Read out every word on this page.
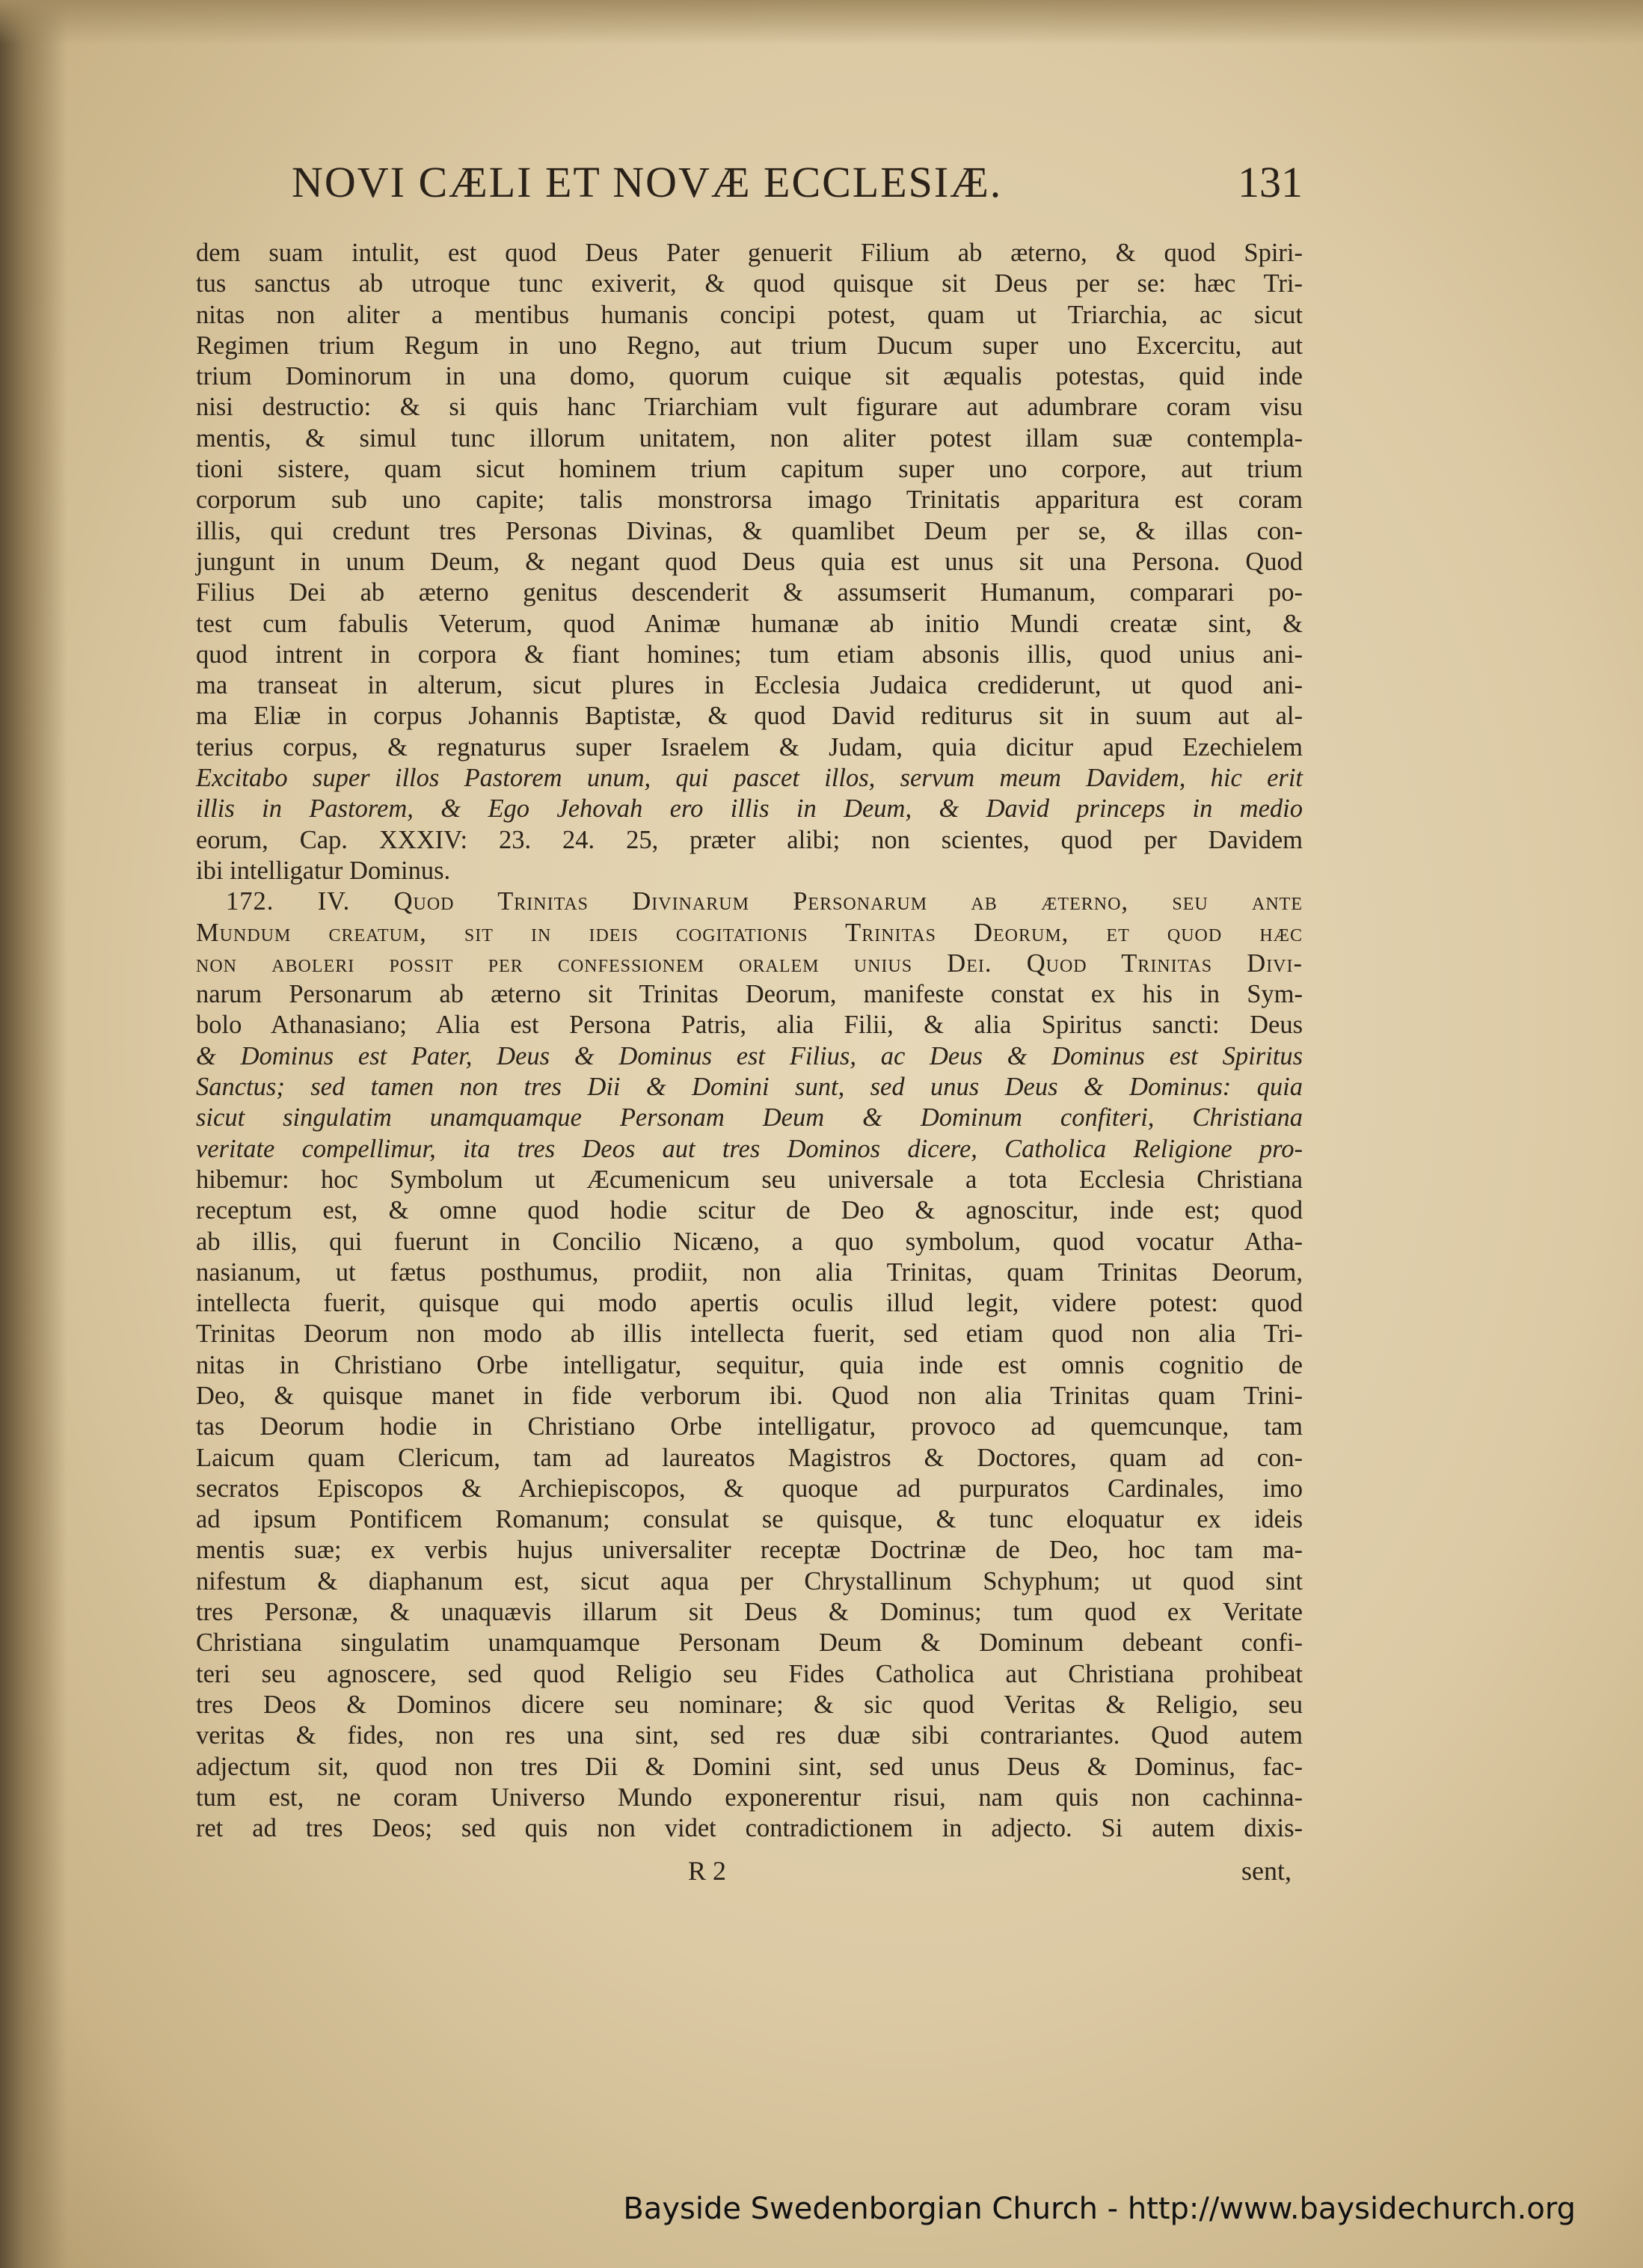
NOVI CÆLI ET NOVÆ ECCLESIÆ.	131
dem suam intulit, est quod Deus Pater genuerit Filium ab æterno, & quod Spiri-
tus sanctus ab utroque tunc exiverit, & quod quisque sit Deus per se: hæc Tri-
nitas non aliter a mentibus humanis concipi potest, quam ut Triarchia, ac sicut
Regimen trium Regum in uno Regno, aut trium Ducum super uno Excercitu, aut
trium Dominorum in una domo, quorum cuique sit æqualis potestas, quid inde
nisi destructio: & si quis hanc Triarchiam vult figurare aut adumbrare coram visu
mentis, & simul tunc illorum unitatem, non aliter potest illam suæ contempla-
tioni sistere, quam sicut hominem trium capitum super uno corpore, aut trium
corporum sub uno capite; talis monstrorsa imago Trinitatis apparitura est coram
illis, qui credunt tres Personas Divinas, & quamlibet Deum per se, & illas con-
jungunt in unum Deum, & negant quod Deus quia est unus sit una Persona. Quod
Filius Dei ab æterno genitus descenderit & assumserit Humanum, comparari po-
test cum fabulis Veterum, quod Animæ humanæ ab initio Mundi creatæ sint, &
quod intrent in corpora & fiant homines; tum etiam absonis illis, quod unius ani-
ma transeat in alterum, sicut plures in Ecclesia Judaica crediderunt, ut quod ani-
ma Eliæ in corpus Johannis Baptistæ, & quod David rediturus sit in suum aut al-
terius corpus, & regnaturus super Israelem & Judam, quia dicitur apud Ezechielem
Excitabo super illos Pastorem unum, qui pascet illos, servum meum Davidem, hic erit
illis in Pastorem, & Ego Jehovah ero illis in Deum, & David princeps in medio
eorum, Cap. XXXIV: 23. 24. 25, præter alibi; non scientes, quod per Davidem
ibi intelligatur Dominus.
172. IV. Quod Trinitas Divinarum Personarum ab æterno, seu ante
Mundum creatum, sit in ideis cogitationis Trinitas Deorum, et quod hæc
non aboleri possit per confessionem oralem unius Dei. Quod Trinitas Divi-
narum Personarum ab æterno sit Trinitas Deorum, manifeste constat ex his in Sym-
bolo Athanasiano; Alia est Persona Patris, alia Filii, & alia Spiritus sancti: Deus
& Dominus est Pater, Deus & Dominus est Filius, ac Deus & Dominus est Spiritus
Sanctus; sed tamen non tres Dii & Domini sunt, sed unus Deus & Dominus: quia
sicut singulatim unamquamque Personam Deum & Dominum confiteri, Christiana
veritate compellimur, ita tres Deos aut tres Dominos dicere, Catholica Religione pro-
hibemur: hoc Symbolum ut Æcumenicum seu universale a tota Ecclesia Christiana
receptum est, & omne quod hodie scitur de Deo & agnoscitur, inde est; quod
ab illis, qui fuerunt in Concilio Nicæno, a quo symbolum, quod vocatur Atha-
nasianum, ut fætus posthumus, prodiit, non alia Trinitas, quam Trinitas Deorum,
intellecta fuerit, quisque qui modo apertis oculis illud legit, videre potest: quod
Trinitas Deorum non modo ab illis intellecta fuerit, sed etiam quod non alia Tri-
nitas in Christiano Orbe intelligatur, sequitur, quia inde est omnis cognitio de
Deo, & quisque manet in fide verborum ibi. Quod non alia Trinitas quam Trini-
tas Deorum hodie in Christiano Orbe intelligatur, provoco ad quemcunque, tam
Laicum quam Clericum, tam ad laureatos Magistros & Doctores, quam ad con-
secratos Episcopos & Archiepiscopos, & quoque ad purpuratos Cardinales, imo
ad ipsum Pontificem Romanum; consulat se quisque, & tunc eloquatur ex ideis
mentis suæ; ex verbis hujus universaliter receptæ Doctrinæ de Deo, hoc tam ma-
nifestum & diaphanum est, sicut aqua per Chrystallinum Schyphum; ut quod sint
tres Personæ, & unaquævis illarum sit Deus & Dominus; tum quod ex Veritate
Christiana singulatim unamquamque Personam Deum & Dominum debeant confi-
teri seu agnoscere, sed quod Religio seu Fides Catholica aut Christiana prohibeat
tres Deos & Dominos dicere seu nominare; & sic quod Veritas & Religio, seu
veritas & fides, non res una sint, sed res duæ sibi contrariantes. Quod autem
adjectum sit, quod non tres Dii & Domini sint, sed unus Deus & Dominus, fac-
tum est, ne coram Universo Mundo exponerentur risui, nam quis non cachinna-
ret ad tres Deos; sed quis non videt contradictionem in adjecto. Si autem dixis-
R 2	sent,
Bayside Swedenborgian Church - http://www.baysidechurch.org
